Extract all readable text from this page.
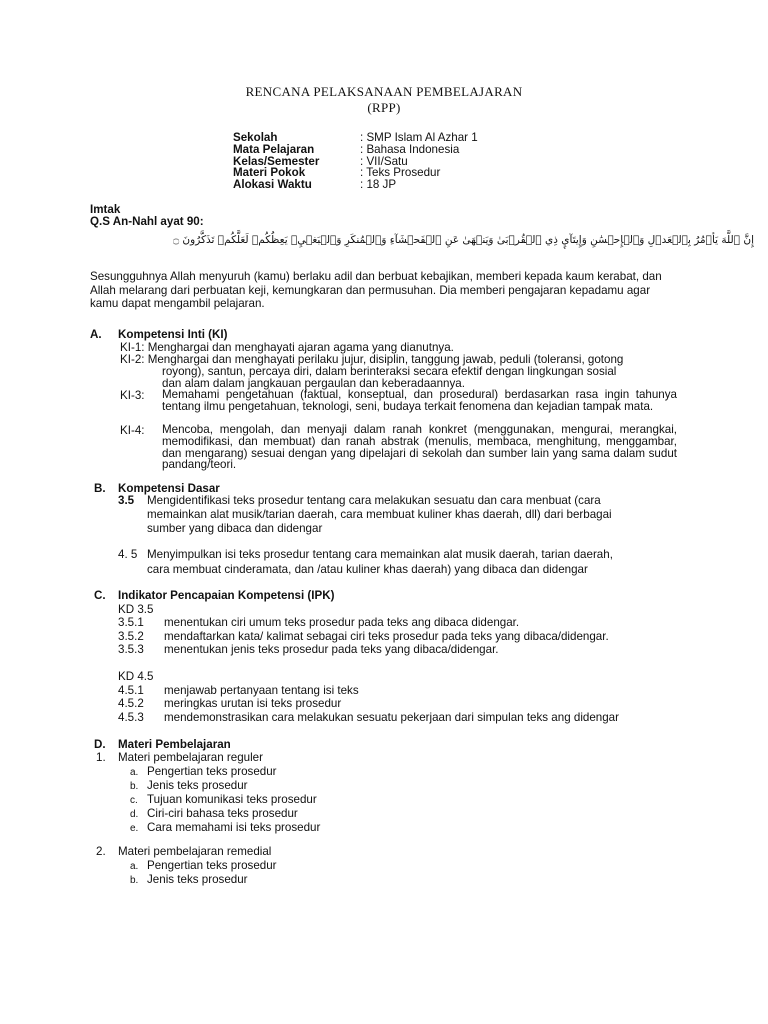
RENCANA PELAKSANAAN PEMBELAJARAN
(RPP)
Sekolah	: SMP Islam Al Azhar 1
Mata Pelajaran	: Bahasa Indonesia
Kelas/Semester	: VII/Satu
Materi Pokok	: Teks Prosedur
Alokasi Waktu	: 18 JP
Imtak
Q.S An-Nahl ayat 90:
إِنَّ ٱللَّهَ يَأۡمُرُ بِٱلۡعَدۡلِ وَٱلۡإِحۡسَٰنِ وَإِيتَآيِٕ ذِي ٱلۡقُرۡبَىٰ وَيَنۡهَىٰ عَنِ ٱلۡفَحۡشَآءِ وَٱلۡمُنكَرِ وَٱلۡبَغۡيِۚ يَعِظُكُمۡ لَعَلَّكُمۡ تَذَكَّرُونَ ۝
Sesungguhnya Allah menyuruh (kamu) berlaku adil dan berbuat kebajikan, memberi kepada kaum kerabat, dan Allah melarang dari perbuatan keji, kemungkaran dan permusuhan. Dia memberi pengajaran kepadamu agar kamu dapat mengambil pelajaran.
A. Kompetensi Inti (KI)
KI-1: Menghargai dan menghayati ajaran agama yang dianutnya.
KI-2: Menghargai dan menghayati perilaku jujur, disiplin, tanggung jawab, peduli (toleransi, gotong
royong), santun, percaya diri, dalam berinteraksi secara efektif dengan lingkungan sosial
dan alam dalam jangkauan pergaulan dan keberadaannya.
KI-3: Memahami pengetahuan (faktual, konseptual, dan prosedural) berdasarkan rasa ingin tahunya tentang ilmu pengetahuan, teknologi, seni, budaya terkait fenomena dan kejadian tampak mata.
KI-4: Mencoba, mengolah, dan menyaji dalam ranah konkret (menggunakan, mengurai, merangkai, memodifikasi, dan membuat) dan ranah abstrak (menulis, membaca, menghitung, menggambar, dan mengarang) sesuai dengan yang dipelajari di sekolah dan sumber lain yang sama dalam sudut pandang/teori.
B. Kompetensi Dasar
3.5 Mengidentifikasi teks prosedur tentang cara melakukan sesuatu dan cara menbuat (cara
memainkan alat musik/tarian daerah, cara membuat kuliner khas daerah, dll) dari berbagai
sumber yang dibaca dan didengar
4. 5 Menyimpulkan isi teks prosedur tentang cara memainkan alat musik daerah, tarian daerah,
cara membuat cinderamata, dan /atau kuliner khas daerah) yang dibaca dan didengar
C. Indikator Pencapaian Kompetensi (IPK)
KD 3.5
3.5.1 menentukan ciri umum teks prosedur pada teks ang dibaca didengar.
3.5.2 mendaftarkan kata/ kalimat sebagai ciri teks prosedur pada teks yang dibaca/didengar.
3.5.3 menentukan jenis teks prosedur pada teks yang dibaca/didengar.
KD 4.5
4.5.1 menjawab pertanyaan tentang isi teks
4.5.2 meringkas urutan isi teks prosedur
4.5.3 mendemonstrasikan cara melakukan sesuatu pekerjaan dari simpulan teks ang didengar
D. Materi Pembelajaran
1. Materi pembelajaran reguler
a. Pengertian teks prosedur
b. Jenis teks prosedur
c. Tujuan komunikasi teks prosedur
d. Ciri-ciri bahasa teks prosedur
e. Cara memahami isi teks prosedur
2. Materi pembelajaran remedial
a. Pengertian teks prosedur
b. Jenis teks prosedur
